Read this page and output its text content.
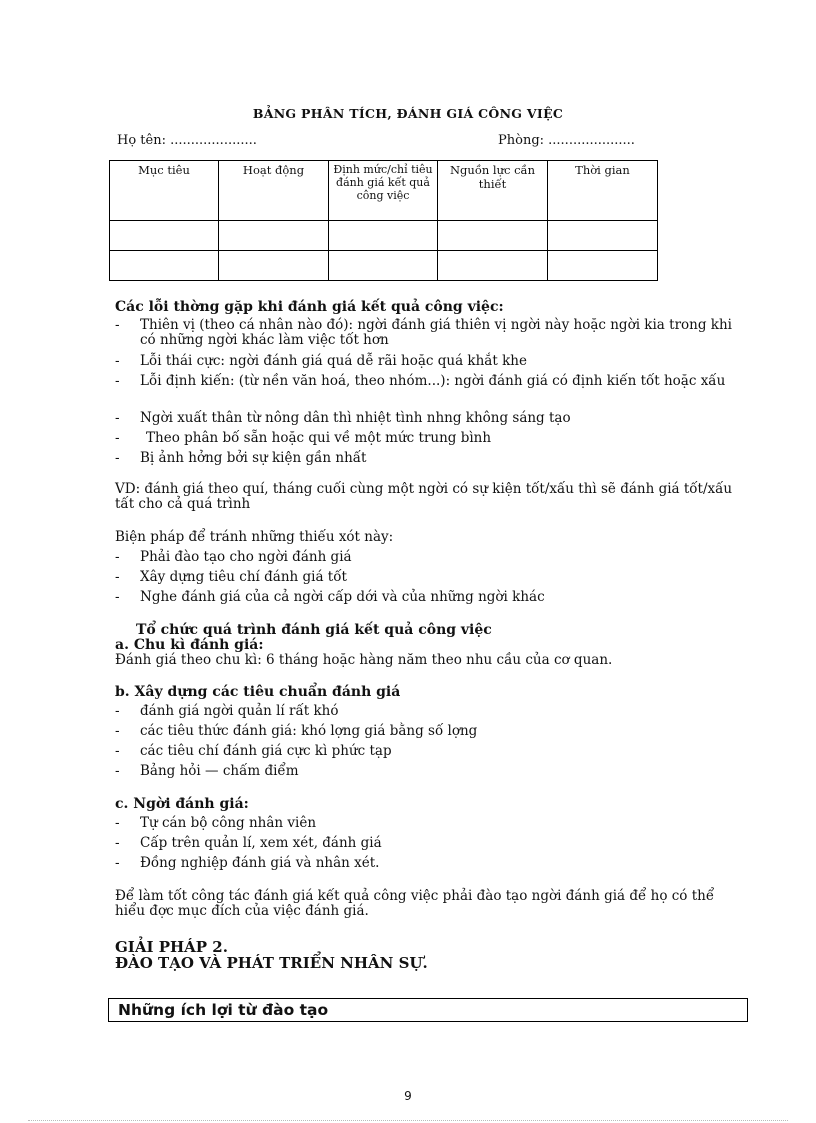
BẢNG PHÂN TÍCH, ĐÁNH GIÁ CÔNG VIỆC
Họ tên: .....................	Phòng: .....................
Mục tiêu	Hoạt động	Định mức/chỉ tiêu đánh giá kết quả công việc	Nguồn lực cần thiết	Thời gian

Các lỗi thờng gặp khi đánh giá kết quả công việc:
- Thiên vị (theo cá nhân nào đó): ngời đánh giá thiên vị ngời này hoặc ngời kia trong khi có những ngời khác làm việc tốt hơn
- Lỗi thái cực: ngời đánh giá quá dễ rãi hoặc quá khắt khe
- Lỗi định kiến: (từ nền văn hoá, theo nhóm...): ngời đánh giá có định kiến tốt hoặc xấu
- Ngời xuất thân từ nông dân thì nhiệt tình nhng không sáng tạo
- Theo phân bố sẵn hoặc qui về một mức trung bình
- Bị ảnh hởng bởi sự kiện gần nhất
VD: đánh giá theo quí, tháng cuối cùng một ngời có sự kiện tốt/xấu thì sẽ đánh giá tốt/xấu tất cho cả quá trình
Biện pháp để tránh những thiếu xót này:
- Phải đào tạo cho ngời đánh giá
- Xây dựng tiêu chí đánh giá tốt
- Nghe đánh giá của cả ngời cấp dới và của những ngời khác
Tổ chức quá trình đánh giá kết quả công việc
a. Chu kì đánh giá:
Đánh giá theo chu kì: 6 tháng hoặc hàng năm theo nhu cầu của cơ quan.
b. Xây dựng các tiêu chuẩn đánh giá
- đánh giá ngời quản lí rất khó
- các tiêu thức đánh giá: khó lợng giá bằng số lợng
- các tiêu chí đánh giá cực kì phức tạp
- Bảng hỏi — chấm điểm
c. Ngời đánh giá:
- Tự cán bộ công nhân viên
- Cấp trên quản lí, xem xét, đánh giá
- Đồng nghiệp đánh giá và nhân xét.
Để làm tốt công tác đánh giá kết quả công việc phải đào tạo ngời đánh giá để họ có thể hiểu đợc mục đích của việc đánh giá.
GIẢI PHÁP 2.
ĐÀO TẠO VÀ PHÁT TRIỂN NHÂN SỰ.
Những ích lợi từ đào tạo
9
